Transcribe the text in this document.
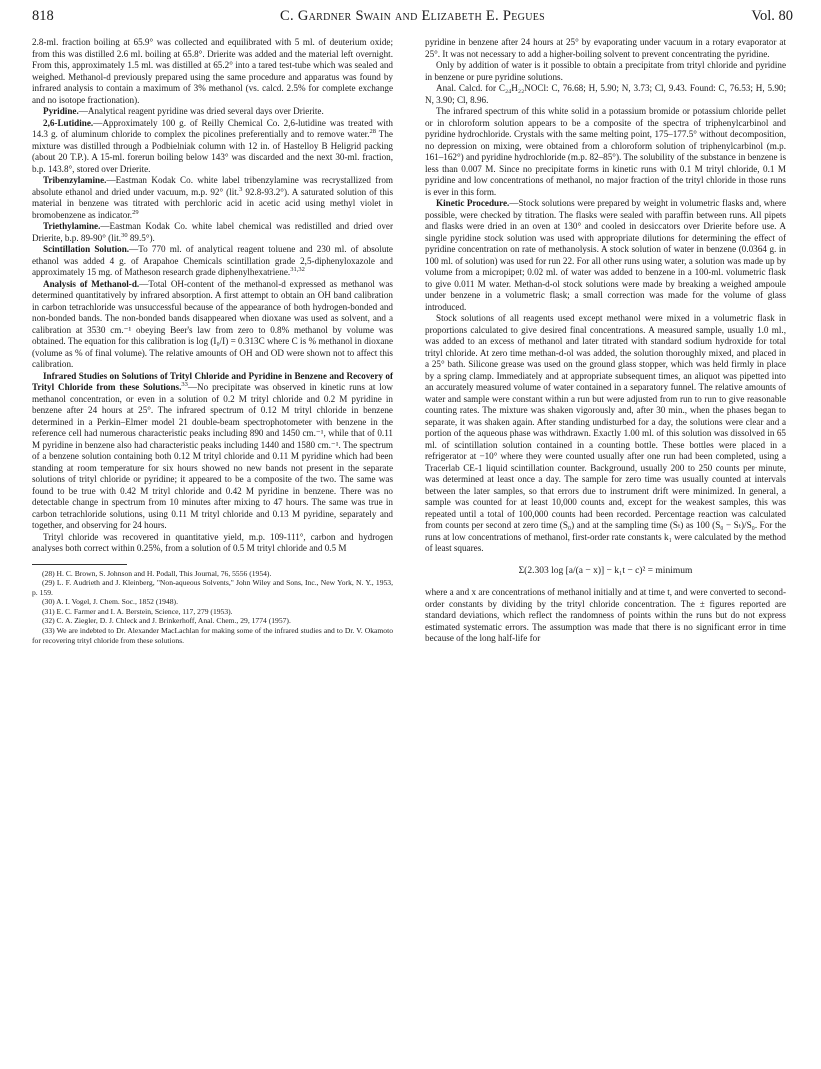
818	C. Gardner Swain and Elizabeth E. Pegues	Vol. 80

2.8-ml. fraction boiling at 65.9° was collected and equilibrated with 5 ml. of deuterium oxide; from this was distilled 2.6 ml. boiling at 65.8°. Drierite was added and the material left overnight. From this, approximately 1.5 ml. was distilled at 65.2° into a tared test-tube which was sealed and weighed. Methanol-d previously prepared using the same procedure and apparatus was found by infrared analysis to contain a maximum of 3% methanol (vs. calcd. 2.5% for complete exchange and no isotope fractionation).

Pyridine.—Analytical reagent pyridine was dried several days over Drierite.

2,6-Lutidine.—Approximately 100 g. of Reilly Chemical Co. 2,6-lutidine was treated with 14.3 g. of aluminum chloride to complex the picolines preferentially and to remove water.$^{28}$ The mixture was distilled through a Podbielniak column with 12 in. of Hastelloy B Heligrid packing (about 20 T.P.). A 15-ml. forerun boiling below 143° was discarded and the next 30-ml. fraction, b.p. 143.8°, stored over Drierite.

Tribenzylamine.—Eastman Kodak Co. white label tribenzylamine was recrystallized from absolute ethanol and dried under vacuum, m.p. 92° (lit.$^3$ 92.8-93.2°). A saturated solution of this material in benzene was titrated with perchloric acid in acetic acid using methyl violet in bromobenzene as indicator.$^{29}$

Triethylamine.—Eastman Kodak Co. white label chemical was redistilled and dried over Drierite, b.p. 89-90° (lit.$^{30}$ 89.5°).

Scintillation Solution.—To 770 ml. of analytical reagent toluene and 230 ml. of absolute ethanol was added 4 g. of Arapahoe Chemicals scintillation grade 2,5-diphenyloxazole and approximately 15 mg. of Matheson research grade diphenylhexatriene.$^{31,32}$

Analysis of Methanol-d.—Total OH-content of the methanol-d expressed as methanol was determined quantitatively by infrared absorption. A first attempt to obtain an OH band calibration in carbon tetrachloride was unsuccessful because of the appearance of both hydrogen-bonded and non-bonded bands. The non-bonded bands disappeared when dioxane was used as solvent, and a calibration at 3530 cm.⁻¹ obeying Beer's law from zero to 0.8% methanol by volume was obtained. The equation for this calibration is log (I₀/I) = 0.313C where C is % methanol in dioxane (volume as % of final volume). The relative amounts of OH and OD were shown not to affect this calibration.

Infrared Studies on Solutions of Trityl Chloride and Pyridine in Benzene and Recovery of Trityl Chloride from these Solutions.$^{33}$—No precipitate was observed in kinetic runs at low methanol concentration, or even in a solution of 0.2 M trityl chloride and 0.2 M pyridine in benzene after 24 hours at 25°. The infrared spectrum of 0.12 M trityl chloride in benzene determined in a Perkin–Elmer model 21 double-beam spectrophotometer with benzene in the reference cell had numerous characteristic peaks including 890 and 1450 cm.⁻¹, while that of 0.11 M pyridine in benzene also had characteristic peaks including 1440 and 1580 cm.⁻¹. The spectrum of a benzene solution containing both 0.12 M trityl chloride and 0.11 M pyridine which had been standing at room temperature for six hours showed no new bands not present in the separate solutions of trityl chloride or pyridine; it appeared to be a composite of the two. The same was found to be true with 0.42 M trityl chloride and 0.42 M pyridine in benzene. There was no detectable change in spectrum from 10 minutes after mixing to 47 hours. The same was true in carbon tetrachloride solutions, using 0.11 M trityl chloride and 0.13 M pyridine, separately and together, and observing for 24 hours.

Trityl chloride was recovered in quantitative yield, m.p. 109-111°, carbon and hydrogen analyses both correct within 0.25%, from a solution of 0.5 M trityl chloride and 0.5 M

(28) H. C. Brown, S. Johnson and H. Podall, This Journal, 76, 5556 (1954).

(29) L. F. Audrieth and J. Kleinberg, "Non-aqueous Solvents," John Wiley and Sons, Inc., New York, N. Y., 1953, p. 159.

(30) A. I. Vogel, J. Chem. Soc., 1852 (1948).

(31) E. C. Farmer and I. A. Berstein, Science, 117, 279 (1953).

(32) C. A. Ziegler, D. J. Chleck and J. Brinkerhoff, Anal. Chem., 29, 1774 (1957).

(33) We are indebted to Dr. Alexander MacLachlan for making some of the infrared studies and to Dr. V. Okamoto for recovering trityl chloride from these solutions.

pyridine in benzene after 24 hours at 25° by evaporating under vacuum in a rotary evaporator at 25°. It was not necessary to add a higher-boiling solvent to prevent concentrating the pyridine.

Only by addition of water is it possible to obtain a precipitate from trityl chloride and pyridine in benzene or pure pyridine solutions.

Anal. Calcd. for C₂₄H₂₂NOCl: C, 76.68; H, 5.90; N, 3.73; Cl, 9.43. Found: C, 76.53; H, 5.90; N, 3.90; Cl, 8.96.

The infrared spectrum of this white solid in a potassium bromide or potassium chloride pellet or in chloroform solution appears to be a composite of the spectra of triphenylcarbinol and pyridine hydrochloride. Crystals with the same melting point, 175–177.5° without decomposition, no depression on mixing, were obtained from a chloroform solution of triphenylcarbinol (m.p. 161–162°) and pyridine hydrochloride (m.p. 82–85°). The solubility of the substance in benzene is less than 0.007 M. Since no precipitate forms in kinetic runs with 0.1 M trityl chloride, 0.1 M pyridine and low concentrations of methanol, no major fraction of the trityl chloride in those runs is ever in this form.

Kinetic Procedure.—Stock solutions were prepared by weight in volumetric flasks and, where possible, were checked by titration. The flasks were sealed with paraffin between runs. All pipets and flasks were dried in an oven at 130° and cooled in desiccators over Drierite before use. A single pyridine stock solution was used with appropriate dilutions for determining the effect of pyridine concentration on rate of methanolysis. A stock solution of water in benzene (0.0364 g. in 100 ml. of solution) was used for run 22. For all other runs using water, a solution was made up by volume from a micropipet; 0.02 ml. of water was added to benzene in a 100-ml. volumetric flask to give 0.011 M water. Methan-d-ol stock solutions were made by breaking a weighed ampoule under benzene in a volumetric flask; a small correction was made for the volume of glass introduced.

Stock solutions of all reagents used except methanol were mixed in a volumetric flask in proportions calculated to give desired final concentrations. A measured sample, usually 1.0 ml., was added to an excess of methanol and later titrated with standard sodium hydroxide for total trityl chloride. At zero time methan-d-ol was added, the solution thoroughly mixed, and placed in a 25° bath. Silicone grease was used on the ground glass stopper, which was held firmly in place by a spring clamp. Immediately and at appropriate subsequent times, an aliquot was pipetted into an accurately measured volume of water contained in a separatory funnel. The relative amounts of water and sample were constant within a run but were adjusted from run to run to give reasonable counting rates. The mixture was shaken vigorously and, after 30 min., when the phases began to separate, it was shaken again. After standing undisturbed for a day, the solutions were clear and a portion of the aqueous phase was withdrawn. Exactly 1.00 ml. of this solution was dissolved in 65 ml. of scintillation solution contained in a counting bottle. These bottles were placed in a refrigerator at −10° where they were counted usually after one run had been completed, using a Tracerlab CE-1 liquid scintillation counter. Background, usually 200 to 250 counts per minute, was determined at least once a day. The sample for zero time was usually counted at intervals between the later samples, so that errors due to instrument drift were minimized. In general, a sample was counted for at least 10,000 counts and, except for the weakest samples, this was repeated until a total of 100,000 counts had been recorded. Percentage reaction was calculated from counts per second at zero time (S₀) and at the sampling time (Sₜ) as 100 (S₀ − Sₜ)/S₀. For the runs at low concentrations of methanol, first-order rate constants k₁ were calculated by the method of least squares.

Σ(2.303 log [a/(a − x)] − k₁t − c)² = minimum

where a and x are concentrations of methanol initially and at time t, and were converted to second-order constants by dividing by the trityl chloride concentration. The ± figures reported are standard deviations, which reflect the randomness of points within the runs but do not express estimated systematic errors. The assumption was made that there is no significant error in time because of the long half-life for
